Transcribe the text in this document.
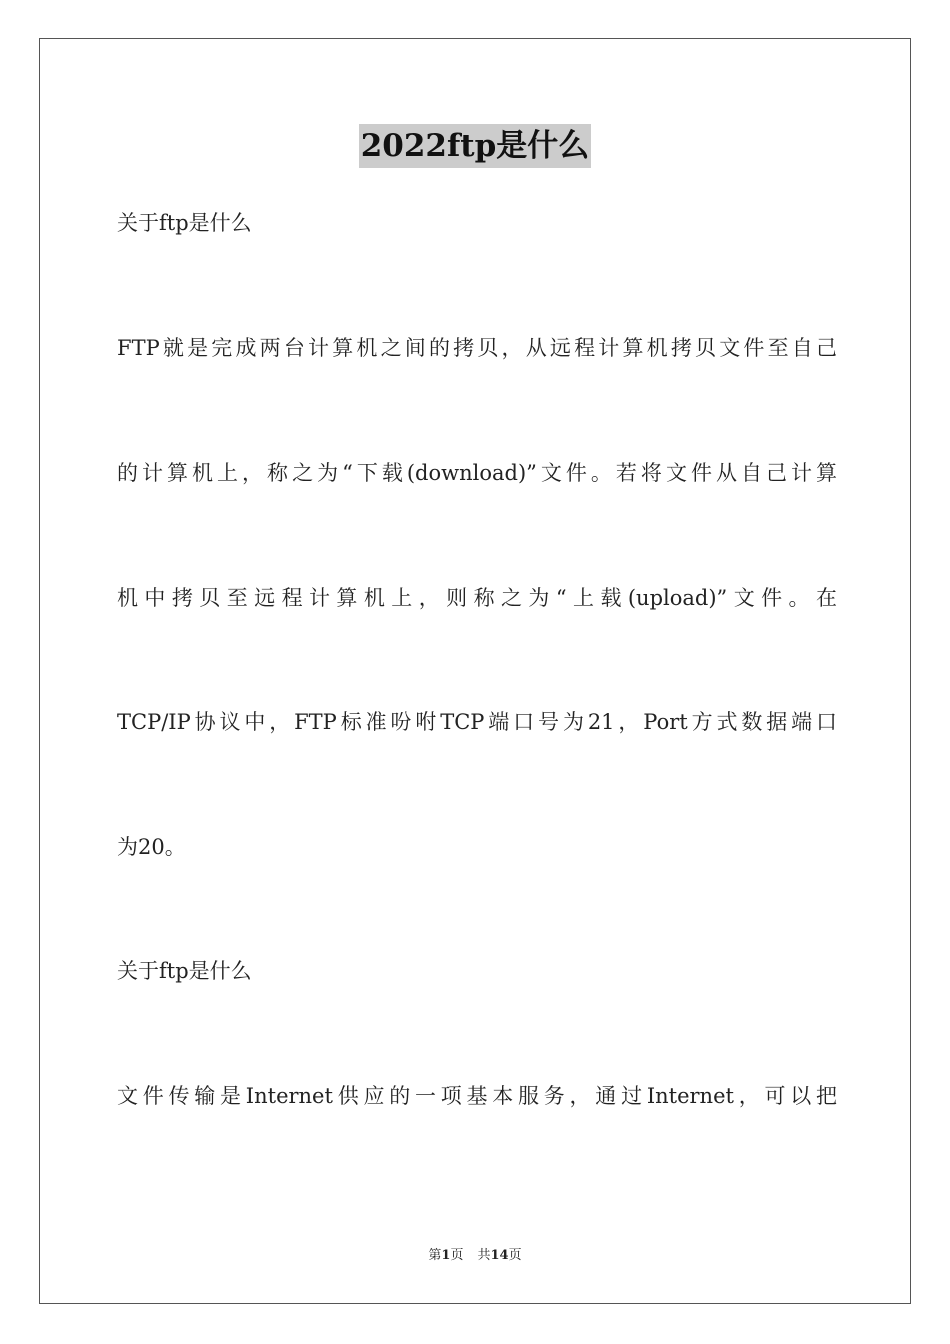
2022ftp是什么
关于ftp是什么
FTP就是完成两台计算机之间的拷贝，从远程计算机拷贝文件至自己
的计算机上，称之为“下载(download)”文件。若将文件从自己计算
机中拷贝至远程计算机上，则称之为“上载(upload)”文件。在
TCP/IP协议中，FTP标准吩咐TCP端口号为21，Port方式数据端口
为20。
关于ftp是什么
文件传输是Internet供应的一项基本服务，通过Internet，可以把
第1页 共14页
